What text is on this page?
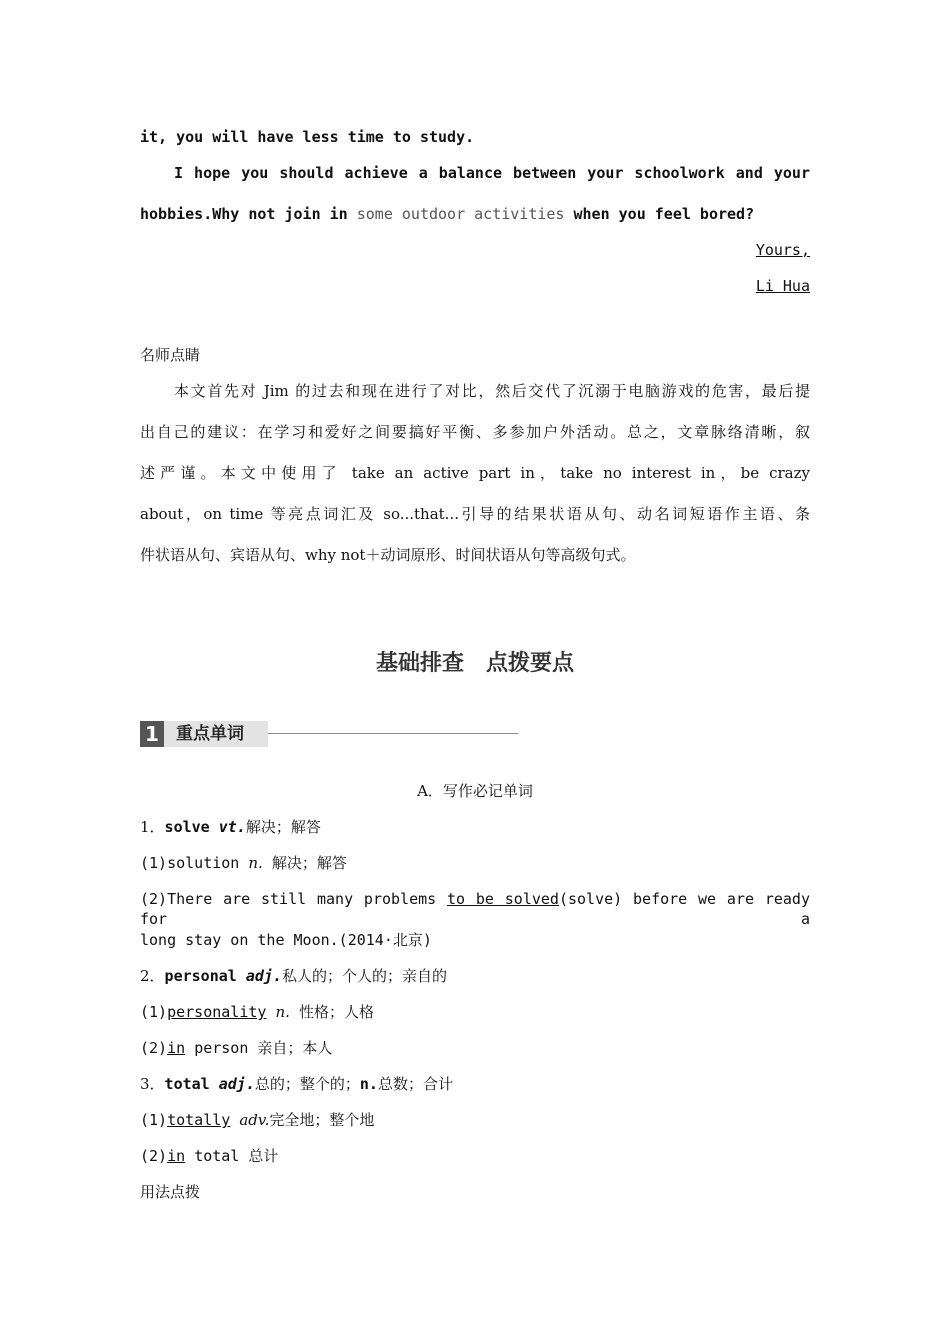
it, you will have less time to study.
I hope you should achieve a balance between your schoolwork and your
hobbies.Why not join in some outdoor activities when you feel bored?
Yours,
Li Hua
名师点睛
本文首先对 Jim 的过去和现在进行了对比，然后交代了沉溺于电脑游戏的危害，最后提
出自己的建议：在学习和爱好之间要搞好平衡、多参加户外活动。总之，文章脉络清晰，叙
述严谨。本文中使用了 take an active part in，take no interest in，be crazy
about，on time 等亮点词汇及 so...that...引导的结果状语从句、动名词短语作主语、条
件状语从句、宾语从句、why not＋动词原形、时间状语从句等高级句式。
基础排查　点拨要点
1	重点单词
A．写作必记单词
1．solve vt.解决；解答
(1)solution n. 解决；解答
(2)There are still many problems to be solved(solve) before we are ready for a
long stay on the Moon.(2014·北京)
2．personal adj.私人的；个人的；亲自的
(1)personality n. 性格；人格
(2)in person 亲自；本人
3．total adj.总的；整个的；n.总数；合计
(1)totally adv.完全地；整个地
(2)in total 总计
用法点拨
